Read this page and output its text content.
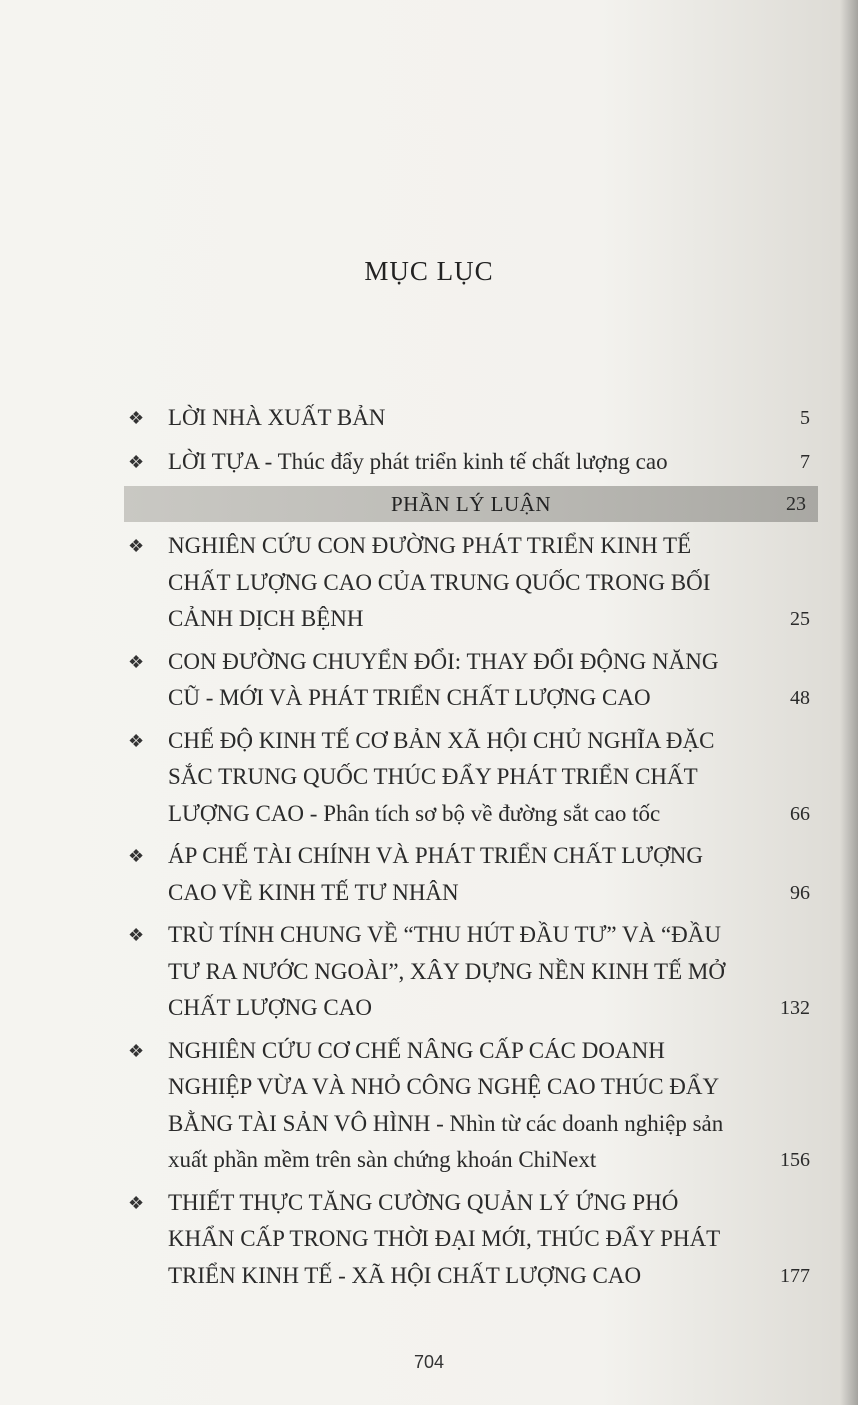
MỤC LỤC
❖ LỜI NHÀ XUẤT BẢN	5
❖ LỜI TỰA - Thúc đẩy phát triển kinh tế chất lượng cao	7
PHẦN LÝ LUẬN	23
❖ NGHIÊN CỨU CON ĐƯỜNG PHÁT TRIỂN KINH TẾ CHẤT LƯỢNG CAO CỦA TRUNG QUỐC TRONG BỐI CẢNH DỊCH BỆNH	25
❖ CON ĐƯỜNG CHUYỂN ĐỔI: THAY ĐỔI ĐỘNG NĂNG CŨ - MỚI VÀ PHÁT TRIỂN CHẤT LƯỢNG CAO	48
❖ CHẾ ĐỘ KINH TẾ CƠ BẢN XÃ HỘI CHỦ NGHĨA ĐẶC SẮC TRUNG QUỐC THÚC ĐẨY PHÁT TRIỂN CHẤT LƯỢNG CAO - Phân tích sơ bộ về đường sắt cao tốc	66
❖ ÁP CHẾ TÀI CHÍNH VÀ PHÁT TRIỂN CHẤT LƯỢNG CAO VỀ KINH TẾ TƯ NHÂN	96
❖ TRÙ TÍNH CHUNG VỀ “THU HÚT ĐẦU TƯ” VÀ “ĐẦU TƯ RA NƯỚC NGOÀI”, XÂY DỰNG NỀN KINH TẾ MỞ CHẤT LƯỢNG CAO	132
❖ NGHIÊN CỨU CƠ CHẾ NÂNG CẤP CÁC DOANH NGHIỆP VỪA VÀ NHỎ CÔNG NGHỆ CAO THÚC ĐẨY BẰNG TÀI SẢN VÔ HÌNH - Nhìn từ các doanh nghiệp sản xuất phần mềm trên sàn chứng khoán ChiNext	156
❖ THIẾT THỰC TĂNG CƯỜNG QUẢN LÝ ỨNG PHÓ KHẨN CẤP TRONG THỜI ĐẠI MỚI, THÚC ĐẨY PHÁT TRIỂN KINH TẾ - XÃ HỘI CHẤT LƯỢNG CAO	177
704
